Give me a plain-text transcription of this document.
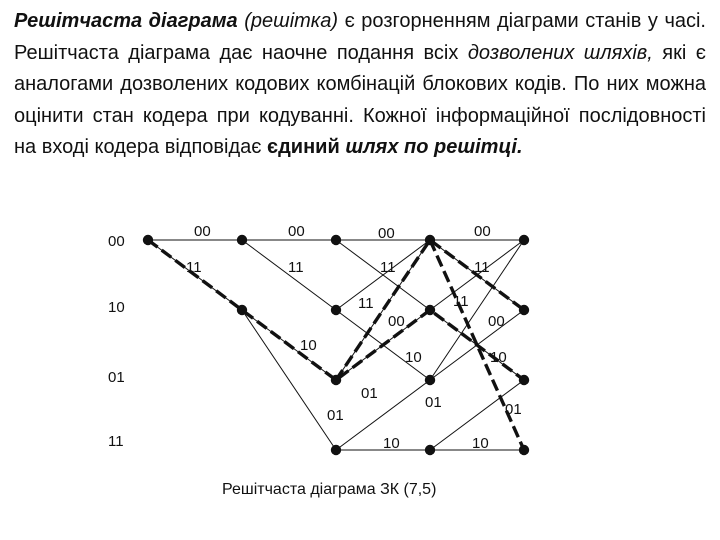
Решітчаста діаграма (решітка) є розгорненням діаграми станів у часі. Решітчаста діаграма дає наочне подання всіх дозволених шляхів, які є аналогами дозволених кодових комбінацій блокових кодів. По них можна оцінити стан кодера при кодуванні. Кожної інформаційної послідовності на вході кодера відповідає єдиний шлях по решітці.

00
10
01
11
00	00	00	00
11	11	11	11
11	11
00	00
10
10	10
01
01
01	01
10	10
Решітчаста діаграма ЗК (7,5)
